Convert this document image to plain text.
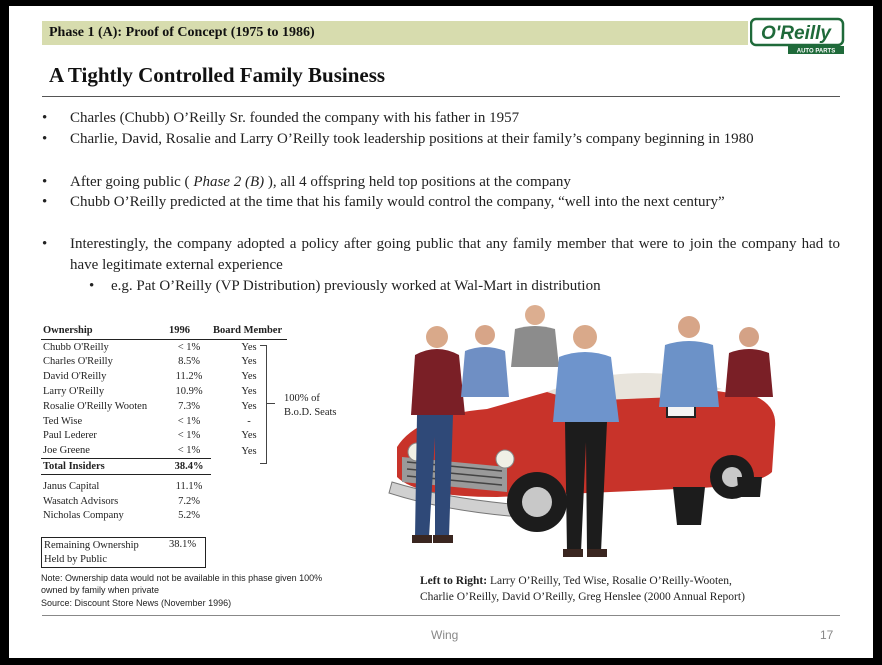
Phase 1 (A): Proof of Concept (1975 to 1986)	O'Reilly
AUTO PARTS
A Tightly Controlled Family Business
• Charles (Chubb) O’Reilly Sr. founded the company with his father in 1957
• Charlie, David, Rosalie and Larry O’Reilly took leadership positions at their family’s company beginning in 1980
• After going public ( Phase 2 (B) ), all 4 offspring held top positions at the company
• Chubb O’Reilly predicted at the time that his family would control the company, “well into the next century”
• Interestingly, the company adopted a policy after going public that any family member that were to join the company had to have legitimate external experience
• e.g. Pat O’Reilly (VP Distribution) previously worked at Wal-Mart in distribution
Ownership	1996	Board Member
Chubb O'Reilly	< 1%	Yes
Charles O'Reilly	8.5%	Yes
David O'Reilly	11.2%	Yes
Larry O'Reilly	10.9%	Yes
Rosalie O'Reilly Wooten	7.3%	Yes
Ted Wise	< 1%	-
Paul Lederer	< 1%	Yes
Joe Greene	< 1%	Yes
Total Insiders	38.4%	

Janus Capital	11.1%	
Wasatch Advisors	7.2%	
Nicholas Company	5.2%	
100% of
B.o.D. Seats
Remaining Ownership
Held by Public
38.1%
Note: Ownership data would not be available in this phase given 100%
owned by family when private
Source: Discount Store News (November 1996)
Left to Right: Larry O’Reilly, Ted Wise, Rosalie O’Reilly-Wooten,
Charlie O’Reilly, David O’Reilly, Greg Henslee (2000 Annual Report)
Wing	17
